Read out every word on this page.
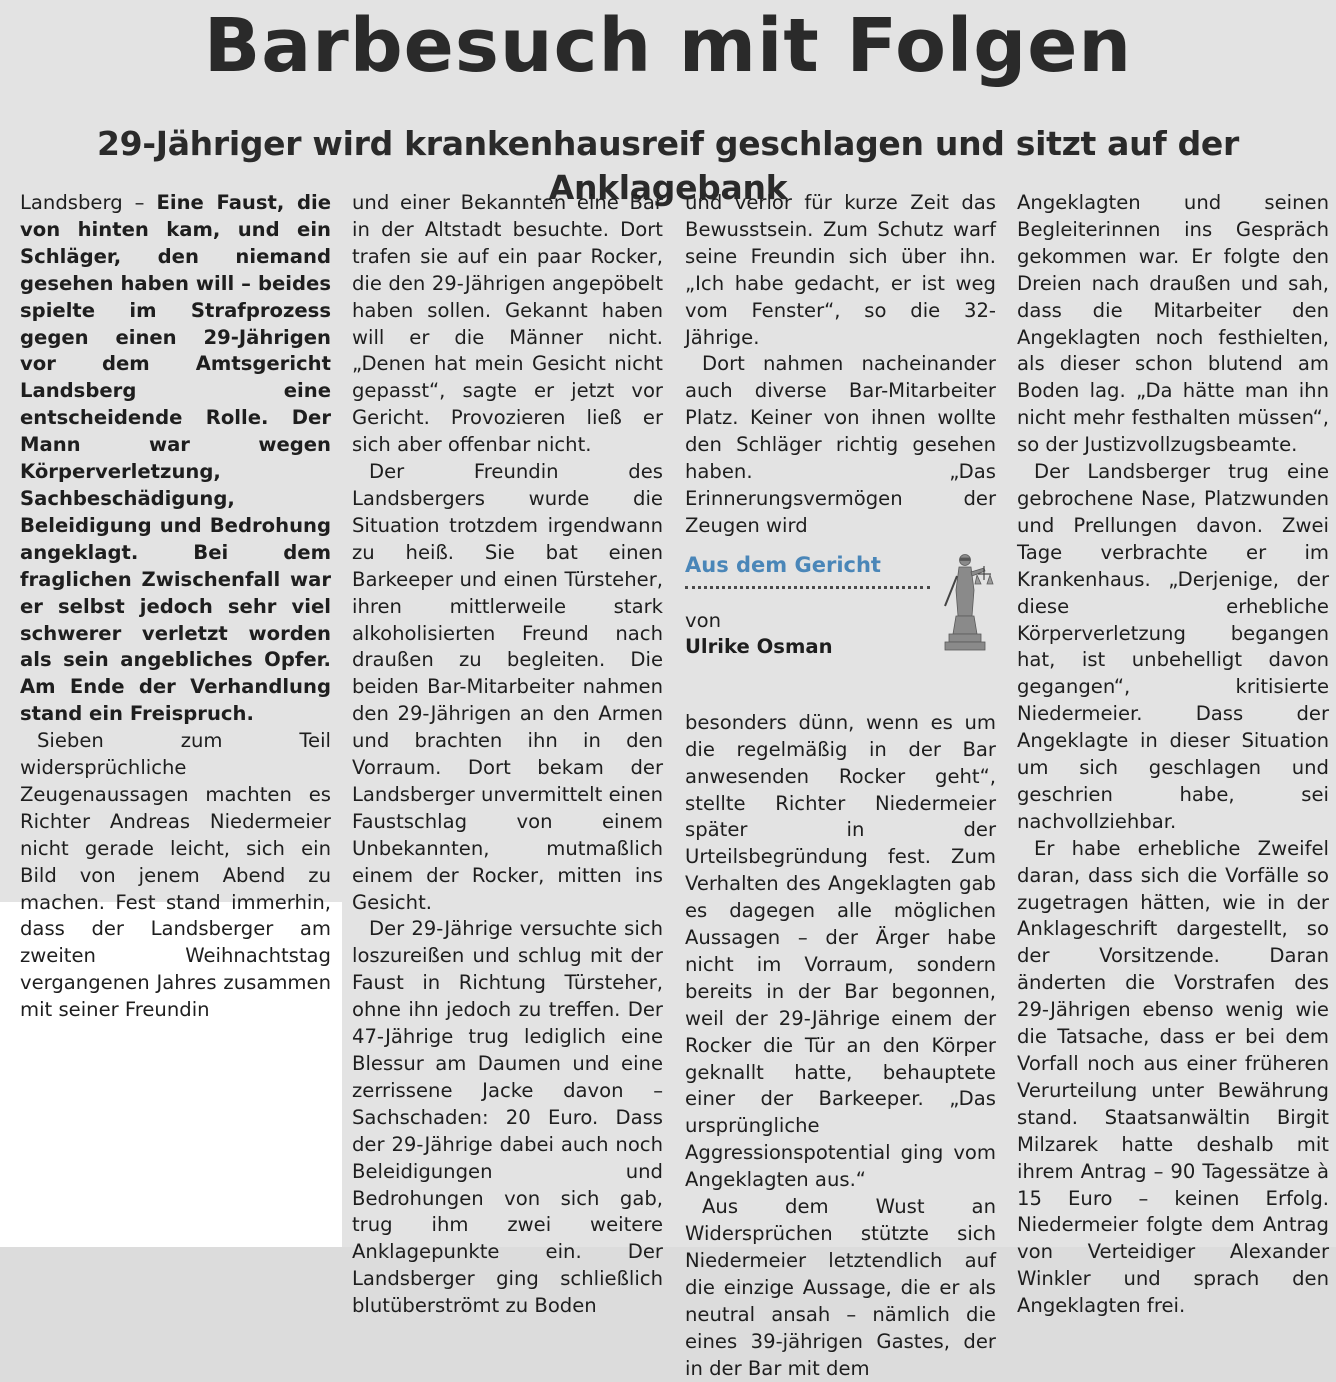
Barbesuch mit Folgen
29-Jähriger wird krankenhausreif geschlagen und sitzt auf der Anklagebank

Landsberg – Eine Faust, die von hinten kam, und ein Schläger, den niemand gesehen haben will – beides spielte im Strafprozess gegen einen 29-Jährigen vor dem Amtsgericht Landsberg eine entscheidende Rolle. Der Mann war wegen Körperverletzung, Sachbeschädigung, Beleidigung und Bedrohung angeklagt. Bei dem fraglichen Zwischenfall war er selbst jedoch sehr viel schwerer verletzt worden als sein angebliches Opfer. Am Ende der Verhandlung stand ein Freispruch.

Sieben zum Teil widersprüchliche Zeugenaussagen machten es Richter Andreas Niedermeier nicht gerade leicht, sich ein Bild von jenem Abend zu machen. Fest stand immerhin, dass der Landsberger am zweiten Weihnachtstag vergangenen Jahres zusammen mit seiner Freundin

und einer Bekannten eine Bar in der Altstadt besuchte. Dort trafen sie auf ein paar Rocker, die den 29-Jährigen angepöbelt haben sollen. Gekannt haben will er die Männer nicht. „Denen hat mein Gesicht nicht gepasst“, sagte er jetzt vor Gericht. Provozieren ließ er sich aber offenbar nicht.

Der Freundin des Landsbergers wurde die Situation trotzdem irgendwann zu heiß. Sie bat einen Barkeeper und einen Türsteher, ihren mittlerweile stark alkoholisierten Freund nach draußen zu begleiten. Die beiden Bar-Mitarbeiter nahmen den 29-Jährigen an den Armen und brachten ihn in den Vorraum. Dort bekam der Landsberger unvermittelt einen Faustschlag von einem Unbekannten, mutmaßlich einem der Rocker, mitten ins Gesicht.

Der 29-Jährige versuchte sich loszureißen und schlug mit der Faust in Richtung Türsteher, ohne ihn jedoch zu treffen. Der 47-Jährige trug lediglich eine Blessur am Daumen und eine zerrissene Jacke davon – Sachschaden: 20 Euro. Dass der 29-Jährige dabei auch noch Beleidigungen und Bedrohungen von sich gab, trug ihm zwei weitere Anklagepunkte ein. Der Landsberger ging schließlich blutüberströmt zu Boden

und verlor für kurze Zeit das Bewusstsein. Zum Schutz warf seine Freundin sich über ihn. „Ich habe gedacht, er ist weg vom Fenster“, so die 32-Jährige.

Dort nahmen nacheinander auch diverse Bar-Mitarbeiter Platz. Keiner von ihnen wollte den Schläger richtig gesehen haben. „Das Erinnerungsvermögen der Zeugen wird

Aus dem Gericht
von
Ulrike Osman

besonders dünn, wenn es um die regelmäßig in der Bar anwesenden Rocker geht“, stellte Richter Niedermeier später in der Urteilsbegründung fest. Zum Verhalten des Angeklagten gab es dagegen alle möglichen Aussagen – der Ärger habe nicht im Vorraum, sondern bereits in der Bar begonnen, weil der 29-Jährige einem der Rocker die Tür an den Körper geknallt hatte, behauptete einer der Barkeeper. „Das ursprüngliche Aggressionspotential ging vom Angeklagten aus.“

Aus dem Wust an Widersprüchen stützte sich Niedermeier letztendlich auf die einzige Aussage, die er als neutral ansah – nämlich die eines 39-jährigen Gastes, der in der Bar mit dem

Angeklagten und seinen Begleiterinnen ins Gespräch gekommen war. Er folgte den Dreien nach draußen und sah, dass die Mitarbeiter den Angeklagten noch festhielten, als dieser schon blutend am Boden lag. „Da hätte man ihn nicht mehr festhalten müssen“, so der Justizvollzugsbeamte.

Der Landsberger trug eine gebrochene Nase, Platzwunden und Prellungen davon. Zwei Tage verbrachte er im Krankenhaus. „Derjenige, der diese erhebliche Körperverletzung begangen hat, ist unbehelligt davon gegangen“, kritisierte Niedermeier. Dass der Angeklagte in dieser Situation um sich geschlagen und geschrien habe, sei nachvollziehbar.

Er habe erhebliche Zweifel daran, dass sich die Vorfälle so zugetragen hätten, wie in der Anklageschrift dargestellt, so der Vorsitzende. Daran änderten die Vorstrafen des 29-Jährigen ebenso wenig wie die Tatsache, dass er bei dem Vorfall noch aus einer früheren Verurteilung unter Bewährung stand. Staatsanwältin Birgit Milzarek hatte deshalb mit ihrem Antrag – 90 Tagessätze à 15 Euro – keinen Erfolg. Niedermeier folgte dem Antrag von Verteidiger Alexander Winkler und sprach den Angeklagten frei.
